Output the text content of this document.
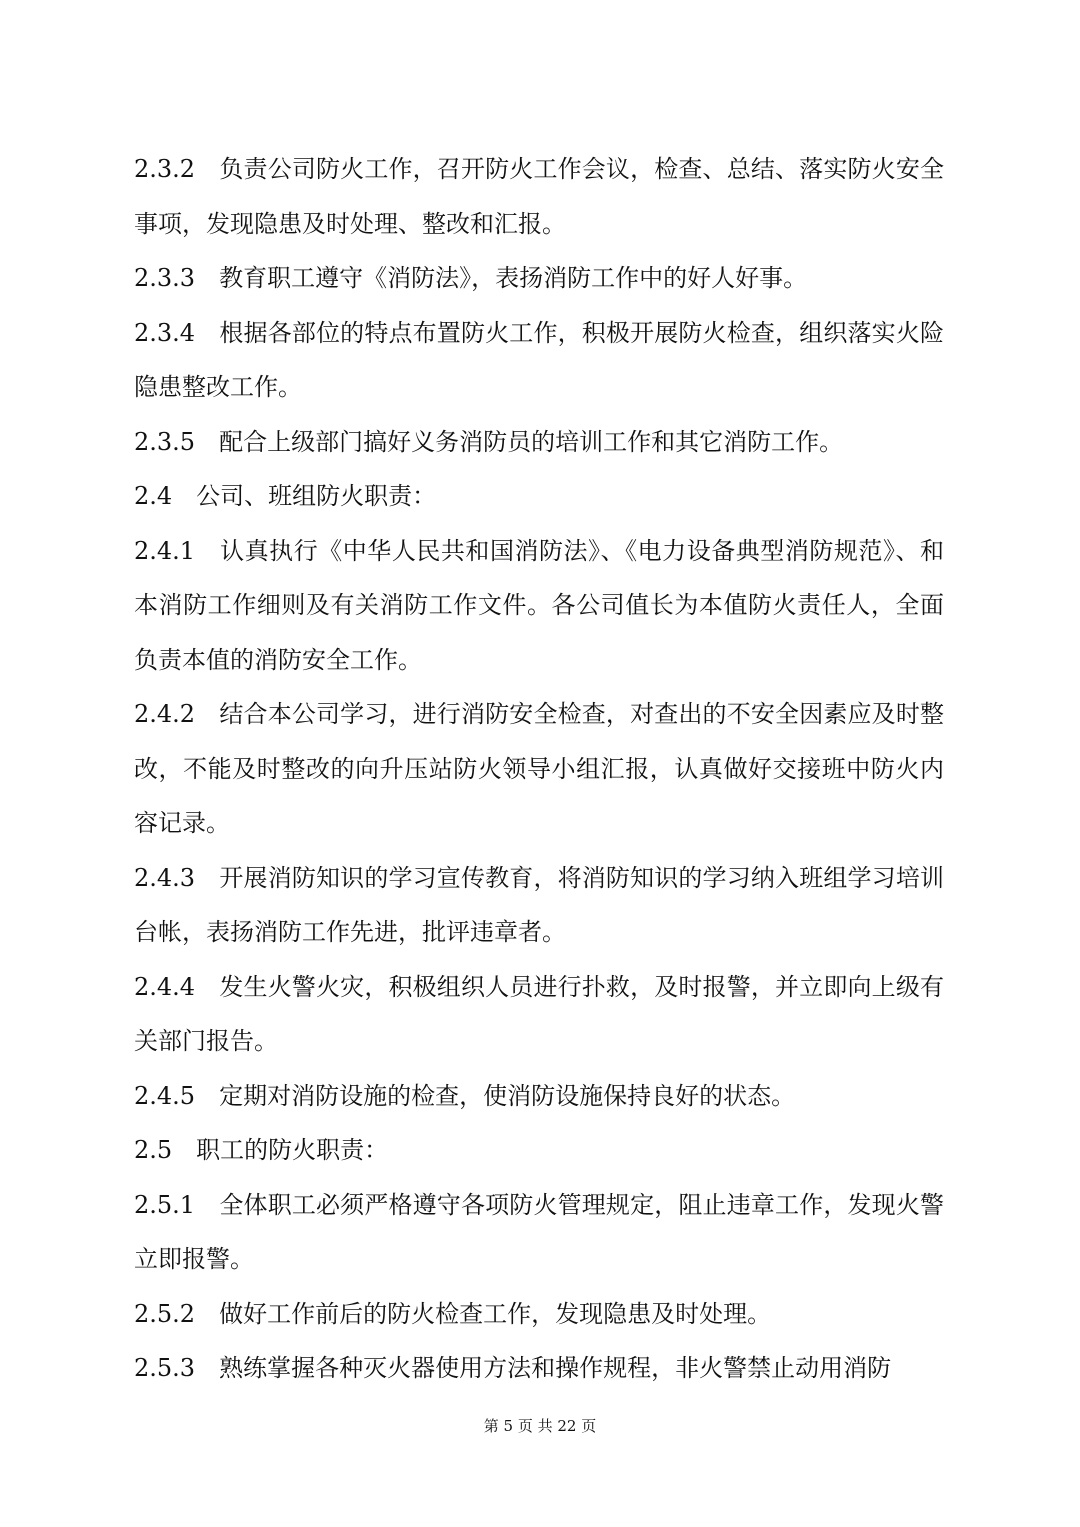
2.3.2　负责公司防火工作，召开防火工作会议，检查、总结、落实防火安全事项，发现隐患及时处理、整改和汇报。

2.3.3　教育职工遵守《消防法》，表扬消防工作中的好人好事。

2.3.4　根据各部位的特点布置防火工作，积极开展防火检查，组织落实火险隐患整改工作。

2.3.5　配合上级部门搞好义务消防员的培训工作和其它消防工作。

2.4　公司、班组防火职责：

2.4.1　认真执行《中华人民共和国消防法》、《电力设备典型消防规范》、和本消防工作细则及有关消防工作文件。各公司值长为本值防火责任人，全面负责本值的消防安全工作。

2.4.2　结合本公司学习，进行消防安全检查，对查出的不安全因素应及时整改，不能及时整改的向升压站防火领导小组汇报，认真做好交接班中防火内容记录。

2.4.3　开展消防知识的学习宣传教育，将消防知识的学习纳入班组学习培训台帐，表扬消防工作先进，批评违章者。

2.4.4　发生火警火灾，积极组织人员进行扑救，及时报警，并立即向上级有关部门报告。

2.4.5　定期对消防设施的检查，使消防设施保持良好的状态。

2.5　职工的防火职责：

2.5.1　全体职工必须严格遵守各项防火管理规定，阻止违章工作，发现火警立即报警。

2.5.2　做好工作前后的防火检查工作，发现隐患及时处理。

2.5.3　熟练掌握各种灭火器使用方法和操作规程，非火警禁止动用消防

第 5 页 共 22 页
